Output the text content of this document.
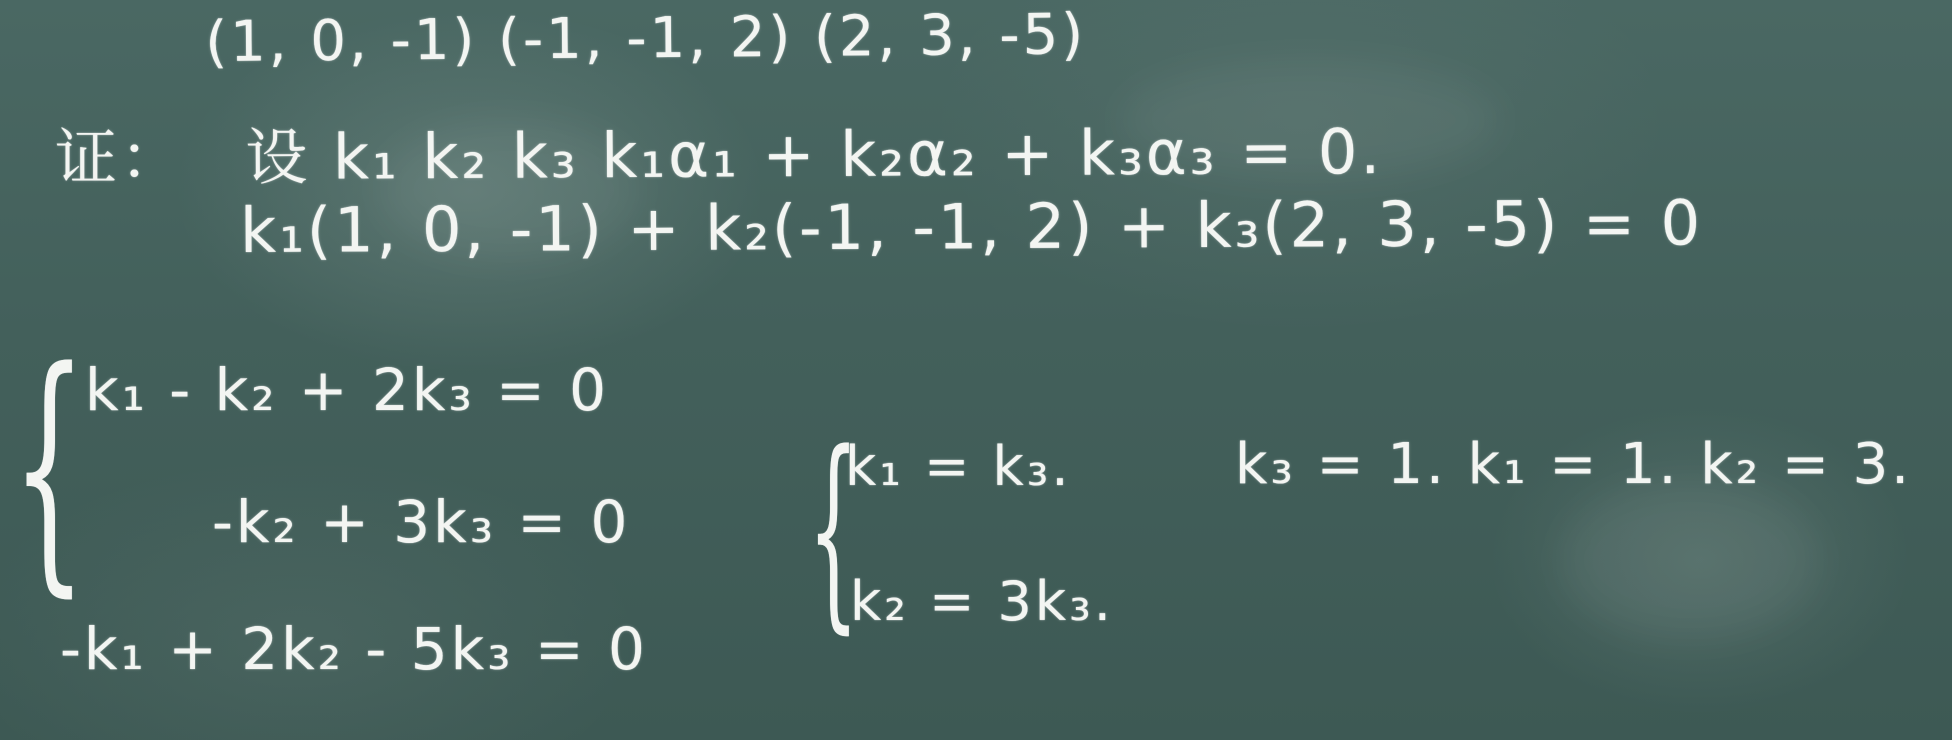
(1, 0, -1) (-1, -1, 2) (2, 3, -5)
证： 设 k₁ k₂ k₃ k₁α₁ + k₂α₂ + k₃α₃ = 0.
k₁(1, 0, -1) + k₂(-1, -1, 2) + k₃(2, 3, -5) = 0
{
k₁ - k₂ + 2k₃ = 0
-k₂ + 3k₃ = 0
-k₁ + 2k₂ - 5k₃ = 0 {
k₁ = k₃.
k₂ = 3k₃.
k₃ = 1. k₁ = 1. k₂ = 3.
